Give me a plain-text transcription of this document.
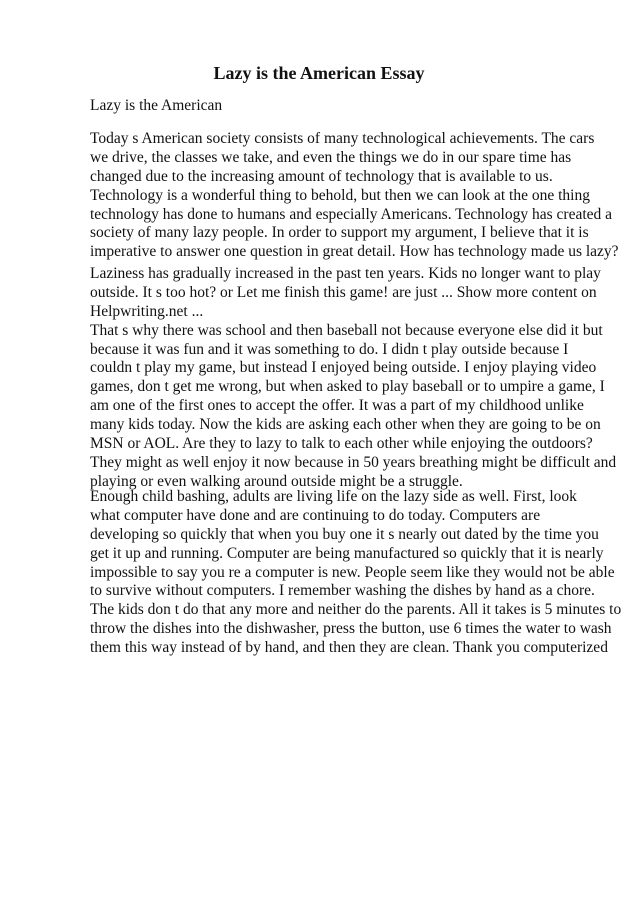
Lazy is the American Essay

Lazy is the American

Today s American society consists of many technological achievements. The cars
we drive, the classes we take, and even the things we do in our spare time has
changed due to the increasing amount of technology that is available to us.
Technology is a wonderful thing to behold, but then we can look at the one thing
technology has done to humans and especially Americans. Technology has created a
society of many lazy people. In order to support my argument, I believe that it is
imperative to answer one question in great detail. How has technology made us lazy?
Laziness has gradually increased in the past ten years. Kids no longer want to play
outside. It s too hot? or Let me finish this game! are just ... Show more content on
Helpwriting.net ...
That s why there was school and then baseball not because everyone else did it but
because it was fun and it was something to do. I didn t play outside because I
couldn t play my game, but instead I enjoyed being outside. I enjoy playing video
games, don t get me wrong, but when asked to play baseball or to umpire a game, I
am one of the first ones to accept the offer. It was a part of my childhood unlike
many kids today. Now the kids are asking each other when they are going to be on
MSN or AOL. Are they to lazy to talk to each other while enjoying the outdoors?
They might as well enjoy it now because in 50 years breathing might be difficult and
playing or even walking around outside might be a struggle.
Enough child bashing, adults are living life on the lazy side as well. First, look
what computer have done and are continuing to do today. Computers are
developing so quickly that when you buy one it s nearly out dated by the time you
get it up and running. Computer are being manufactured so quickly that it is nearly
impossible to say you re a computer is new. People seem like they would not be able
to survive without computers. I remember washing the dishes by hand as a chore.
The kids don t do that any more and neither do the parents. All it takes is 5 minutes to
throw the dishes into the dishwasher, press the button, use 6 times the water to wash
them this way instead of by hand, and then they are clean. Thank you computerized
